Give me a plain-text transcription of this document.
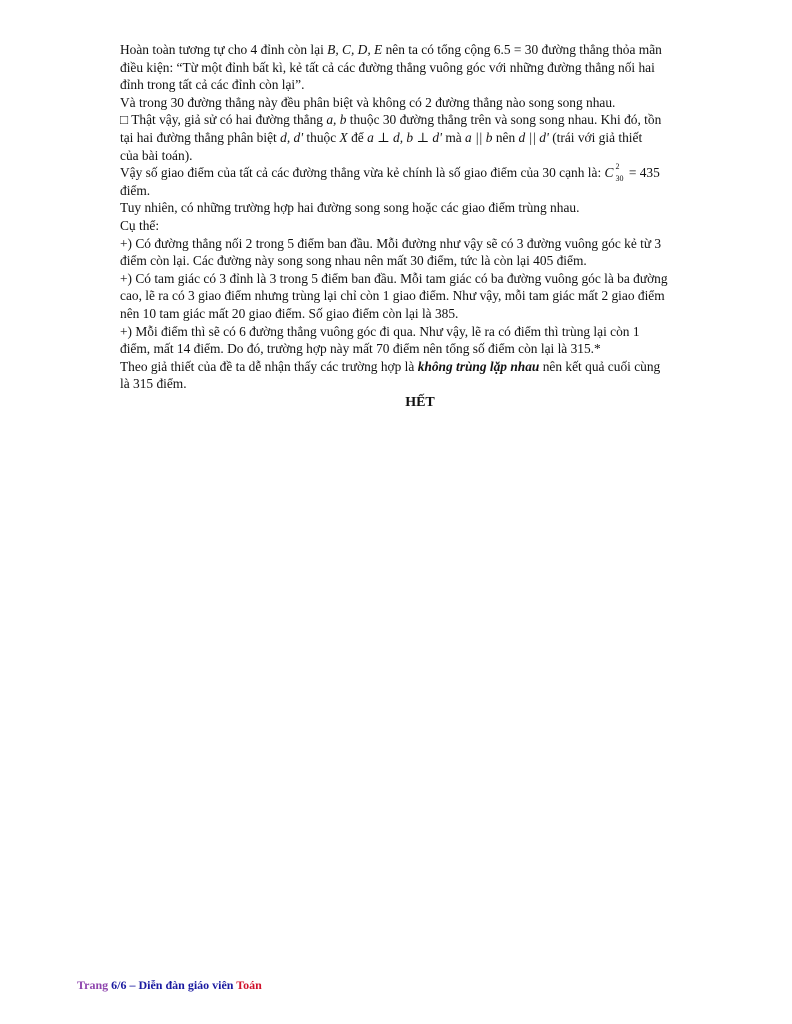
Hoàn toàn tương tự cho 4 đỉnh còn lại B, C, D, E nên ta có tổng cộng 6.5 = 30 đường thẳng thỏa mãn

điều kiện: “Từ một đỉnh bất kì, kẻ tất cả các đường thẳng vuông góc với những đường thẳng nối hai

đỉnh trong tất cả các đỉnh còn lại”.

Và trong 30 đường thẳng này đều phân biệt và không có 2 đường thẳng nào song song nhau.

□ Thật vậy, giả sử có hai đường thẳng a, b thuộc 30 đường thẳng trên và song song nhau. Khi đó, tồn

tại hai đường thẳng phân biệt d, d' thuộc X để a ⊥ d, b ⊥ d' mà a || b nên d || d' (trái với giả thiết

của bài toán).

Vậy số giao điểm của tất cả các đường thẳng vừa kẻ chính là số giao điểm của 30 cạnh là: C 2
30 = 435

điểm.

Tuy nhiên, có những trường hợp hai đường song song hoặc các giao điểm trùng nhau.

Cụ thể:

+) Có đường thẳng nối 2 trong 5 điểm ban đầu. Mỗi đường như vậy sẽ có 3 đường vuông góc kẻ từ 3

điểm còn lại. Các đường này song song nhau nên mất 30 điểm, tức là còn lại 405 điểm.

+) Có tam giác có 3 đỉnh là 3 trong 5 điểm ban đầu. Mỗi tam giác có ba đường vuông góc là ba đường

cao, lẽ ra có 3 giao điểm nhưng trùng lại chỉ còn 1 giao điểm. Như vậy, mỗi tam giác mất 2 giao điểm

nên 10 tam giác mất 20 giao điểm. Số giao điểm còn lại là 385.

+) Mỗi điểm thì sẽ có 6 đường thẳng vuông góc đi qua. Như vậy, lẽ ra có điểm thì trùng lại còn 1

điểm, mất 14 điểm. Do đó, trường hợp này mất 70 điểm nên tổng số điểm còn lại là 315.*

Theo giả thiết của đề ta dễ nhận thấy các trường hợp là không trùng lặp nhau nên kết quả cuối cùng

là 315 điểm.

HẾT
Trang 6/6 – Diễn đàn giáo viên Toán
